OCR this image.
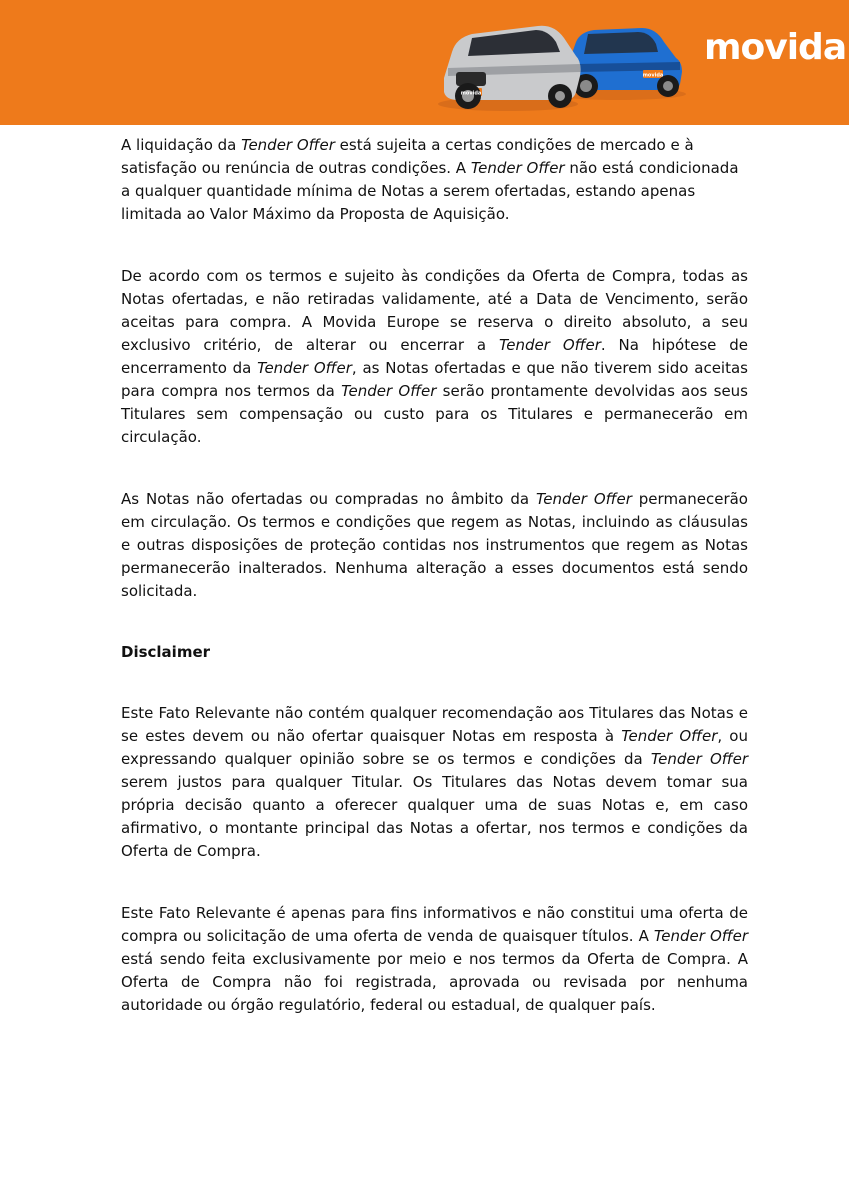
movida
movida
movida

A liquidação da Tender Offer está sujeita a certas condições de mercado e à satisfação ou renúncia de outras condições. A Tender Offer não está condicionada a qualquer quantidade mínima de Notas a serem ofertadas, estando apenas limitada ao Valor Máximo da Proposta de Aquisição.

De acordo com os termos e sujeito às condições da Oferta de Compra, todas as Notas ofertadas, e não retiradas validamente, até a Data de Vencimento, serão aceitas para compra. A Movida Europe se reserva o direito absoluto, a seu exclusivo critério, de alterar ou encerrar a Tender Offer. Na hipótese de encerramento da Tender Offer, as Notas ofertadas e que não tiverem sido aceitas para compra nos termos da Tender Offer serão prontamente devolvidas aos seus Titulares sem compensação ou custo para os Titulares e permanecerão em circulação.

As Notas não ofertadas ou compradas no âmbito da Tender Offer permanecerão em circulação. Os termos e condições que regem as Notas, incluindo as cláusulas e outras disposições de proteção contidas nos instrumentos que regem as Notas permanecerão inalterados. Nenhuma alteração a esses documentos está sendo solicitada.

Disclaimer

Este Fato Relevante não contém qualquer recomendação aos Titulares das Notas e se estes devem ou não ofertar quaisquer Notas em resposta à Tender Offer, ou expressando qualquer opinião sobre se os termos e condições da Tender Offer serem justos para qualquer Titular. Os Titulares das Notas devem tomar sua própria decisão quanto a oferecer qualquer uma de suas Notas e, em caso afirmativo, o montante principal das Notas a ofertar, nos termos e condições da Oferta de Compra.

Este Fato Relevante é apenas para fins informativos e não constitui uma oferta de compra ou solicitação de uma oferta de venda de quaisquer títulos. A Tender Offer está sendo feita exclusivamente por meio e nos termos da Oferta de Compra. A Oferta de Compra não foi registrada, aprovada ou revisada por nenhuma autoridade ou órgão regulatório, federal ou estadual, de qualquer país.
